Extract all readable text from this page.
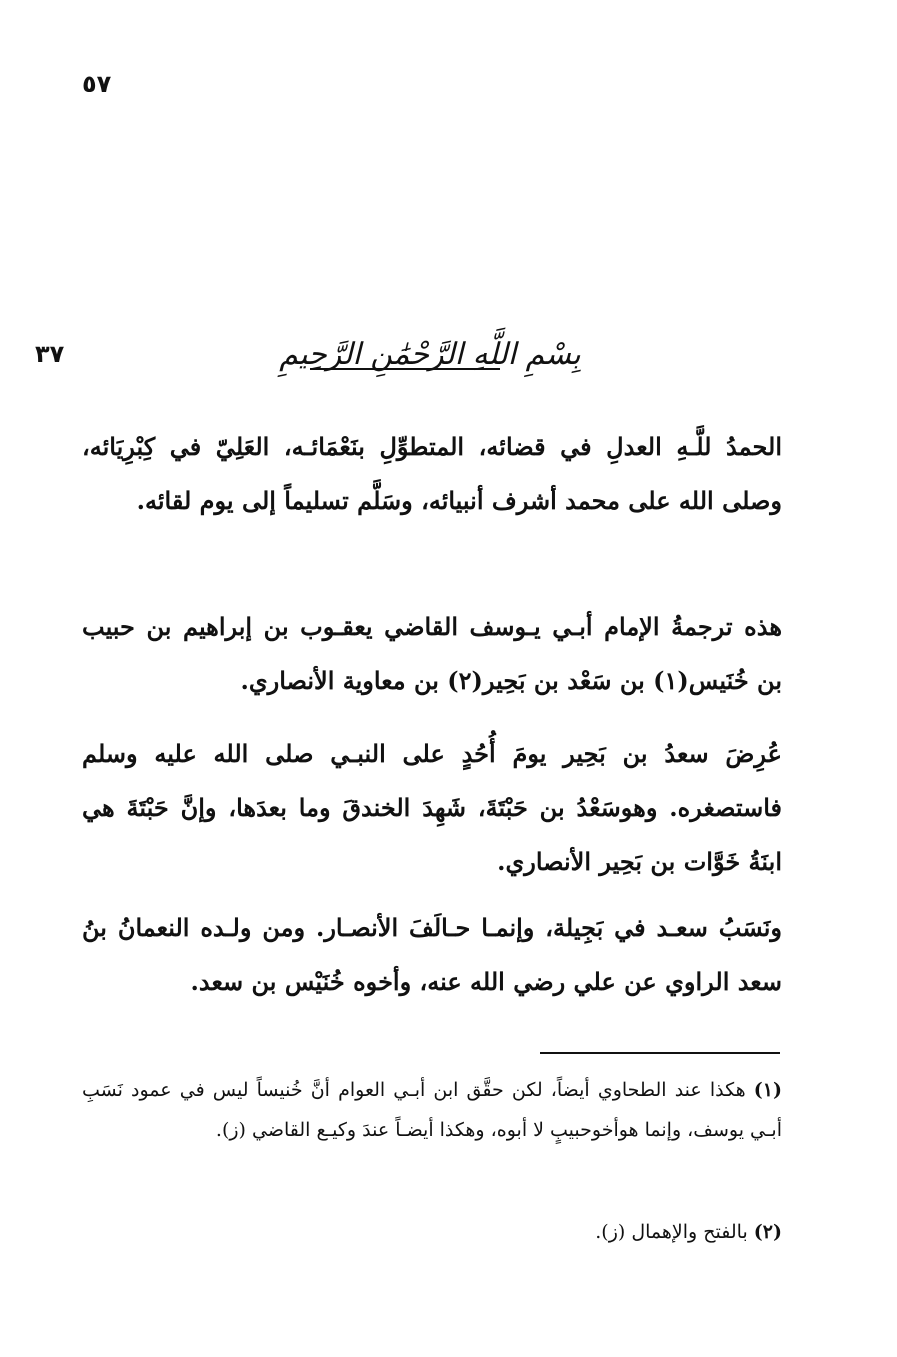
٥٧
٣٧	بِسْمِ اللَّهِ الرَّحْمَٰنِ الرَّحِيمِ
الحمدُ للَّـهِ العدلِ في قضائه، المتطوِّلِ بنَعْمَائـه، العَلِيّ في كِبْرِيَائه، وصلى الله على محمد أشرف أنبيائه، وسَلَّم تسليماً إلى يوم لقائه.
هذه ترجمةُ الإمام أبـي يـوسف القاضي يعقـوب بن إبراهيم بن حبيب بن خُنَيس(١) بن سَعْد بن بَحِير(٢) بن معاوية الأنصاري.
عُرِضَ سعدُ بن بَحِير يومَ أُحُدٍ على النبـي صلى الله عليه وسلم فاستصغره. وهوسَعْدُ بن حَبْتَةَ، شَهِدَ الخندقَ وما بعدَها، وإنَّ حَبْتَةَ هي ابنَةُ خَوَّات بن بَحِير الأنصاري.
ونَسَبُ سعـد في بَجِيلة، وإنمـا حـالَفَ الأنصـار. ومن ولـده النعمانُ بنُ سعد الراوي عن علي رضي الله عنه، وأخوه خُنَيْس بن سعد.
(١) هكذا عند الطحاوي أيضاً، لكن حقَّق ابن أبـي العوام أنَّ خُنيساً ليس في عمود نَسَبِ أبـي يوسف، وإنما هوأخوحبيبٍ لا أبوه، وهكذا أيضـاً عندَ وكيـع القاضي (ز).
(٢) بالفتح والإهمال (ز).
